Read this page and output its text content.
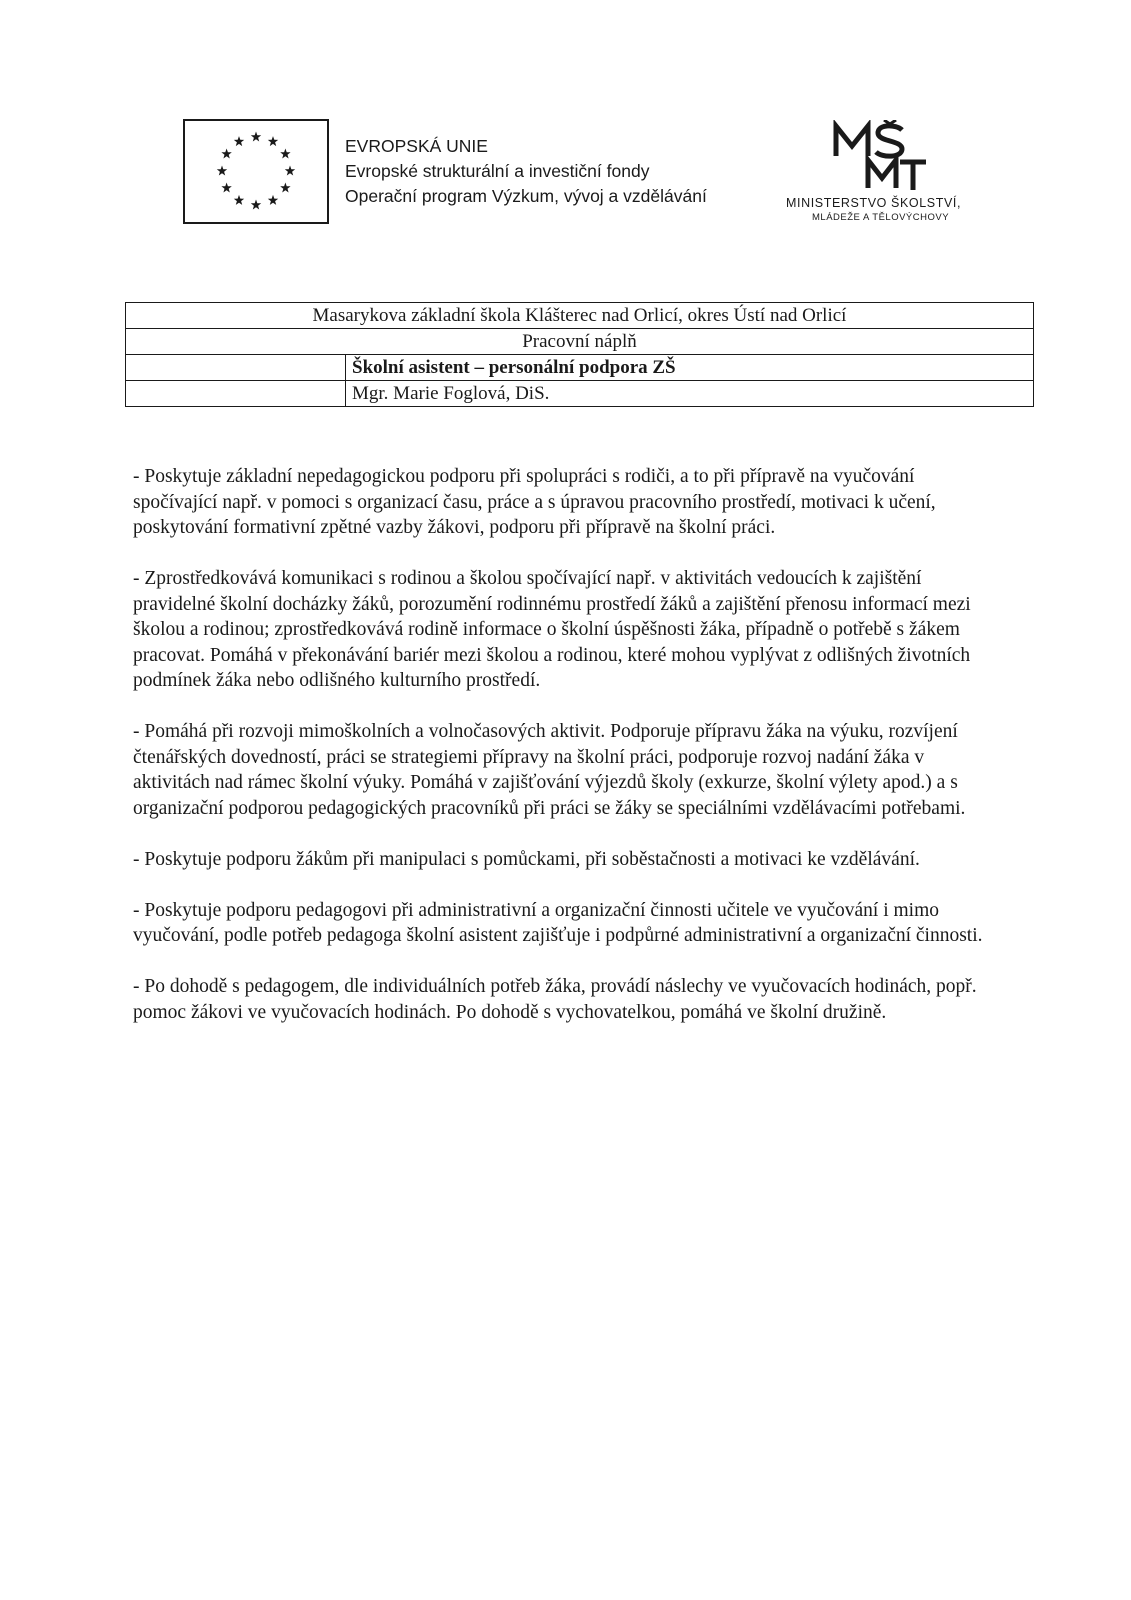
EVROPSKÁ UNIE
Evropské strukturální a investiční fondy
Operační program Výzkum, vývoj a vzdělávání	MINISTERSTVO ŠKOLSTVÍ,
MLÁDEŽE A TĚLOVÝCHOVY
Masarykova základní škola Klášterec nad Orlicí, okres Ústí nad Orlicí	
Pracovní náplň	
	Školní asistent – personální podpora ZŠ
	Mgr. Marie Foglová, DiS.

- Poskytuje základní nepedagogickou podporu při spolupráci s rodiči, a to při přípravě na vyučování spočívající např. v pomoci s organizací času, práce a s úpravou pracovního prostředí, motivaci k učení, poskytování formativní zpětné vazby žákovi, podporu při přípravě na školní práci.

- Zprostředkovává komunikaci s rodinou a školou spočívající např. v aktivitách vedoucích k zajištění pravidelné školní docházky žáků, porozumění rodinnému prostředí žáků a zajištění přenosu informací mezi školou a rodinou; zprostředkovává rodině informace o školní úspěšnosti žáka, případně o potřebě s žákem pracovat. Pomáhá v překonávání bariér mezi školou a rodinou, které mohou vyplývat z odlišných životních podmínek žáka nebo odlišného kulturního prostředí.

- Pomáhá při rozvoji mimoškolních a volnočasových aktivit. Podporuje přípravu žáka na výuku, rozvíjení čtenářských dovedností, práci se strategiemi přípravy na školní práci, podporuje rozvoj nadání žáka v aktivitách nad rámec školní výuky. Pomáhá v zajišťování výjezdů školy (exkurze, školní výlety apod.) a s organizační podporou pedagogických pracovníků při práci se žáky se speciálními vzdělávacími potřebami.

- Poskytuje podporu žákům při manipulaci s pomůckami, při soběstačnosti a motivaci ke vzdělávání.

- Poskytuje podporu pedagogovi při administrativní a organizační činnosti učitele ve vyučování i mimo vyučování, podle potřeb pedagoga školní asistent zajišťuje i podpůrné administrativní a organizační činnosti.

- Po dohodě s pedagogem, dle individuálních potřeb žáka, provádí náslechy ve vyučovacích hodinách, popř. pomoc žákovi ve vyučovacích hodinách. Po dohodě s vychovatelkou, pomáhá ve školní družině.
